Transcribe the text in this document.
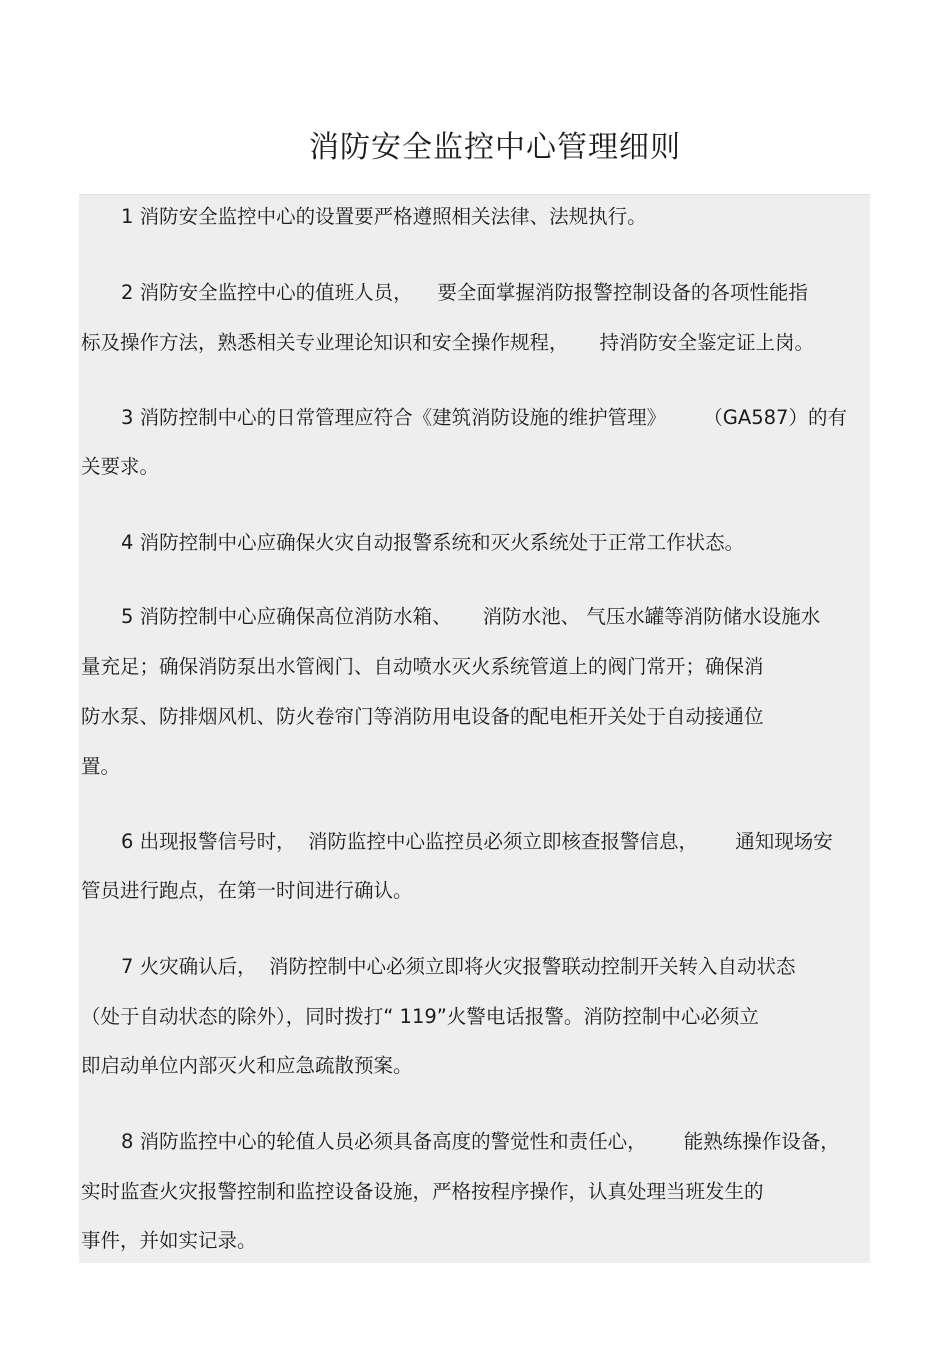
消防安全监控中心管理细则
1 消防安全监控中心的设置要严格遵照相关法律、法规执行。
2 消防安全监控中心的值班人员，    要全面掌握消防报警控制设备的各项性能指
标及操作方法，熟悉相关专业理论知识和安全操作规程，     持消防安全鉴定证上岗。
3 消防控制中心的日常管理应符合《建筑消防设施的维护管理》      （GA587）的有
关要求。
4 消防控制中心应确保火灾自动报警系统和灭火系统处于正常工作状态。
5 消防控制中心应确保高位消防水箱、     消防水池、 气压水罐等消防储水设施水
量充足；确保消防泵出水管阀门、自动喷水灭火系统管道上的阀门常开；确保消
防水泵、防排烟风机、防火卷帘门等消防用电设备的配电柜开关处于自动接通位
置。
6 出现报警信号时，  消防监控中心监控员必须立即核查报警信息，      通知现场安
管员进行跑点，在第一时间进行确认。
7 火灾确认后，  消防控制中心必须立即将火灾报警联动控制开关转入自动状态
（处于自动状态的除外），同时拨打“ 119”火警电话报警。消防控制中心必须立
即启动单位内部灭火和应急疏散预案。
8 消防监控中心的轮值人员必须具备高度的警觉性和责任心，      能熟练操作设备，
实时监查火灾报警控制和监控设备设施，严格按程序操作，认真处理当班发生的
事件，并如实记录。
